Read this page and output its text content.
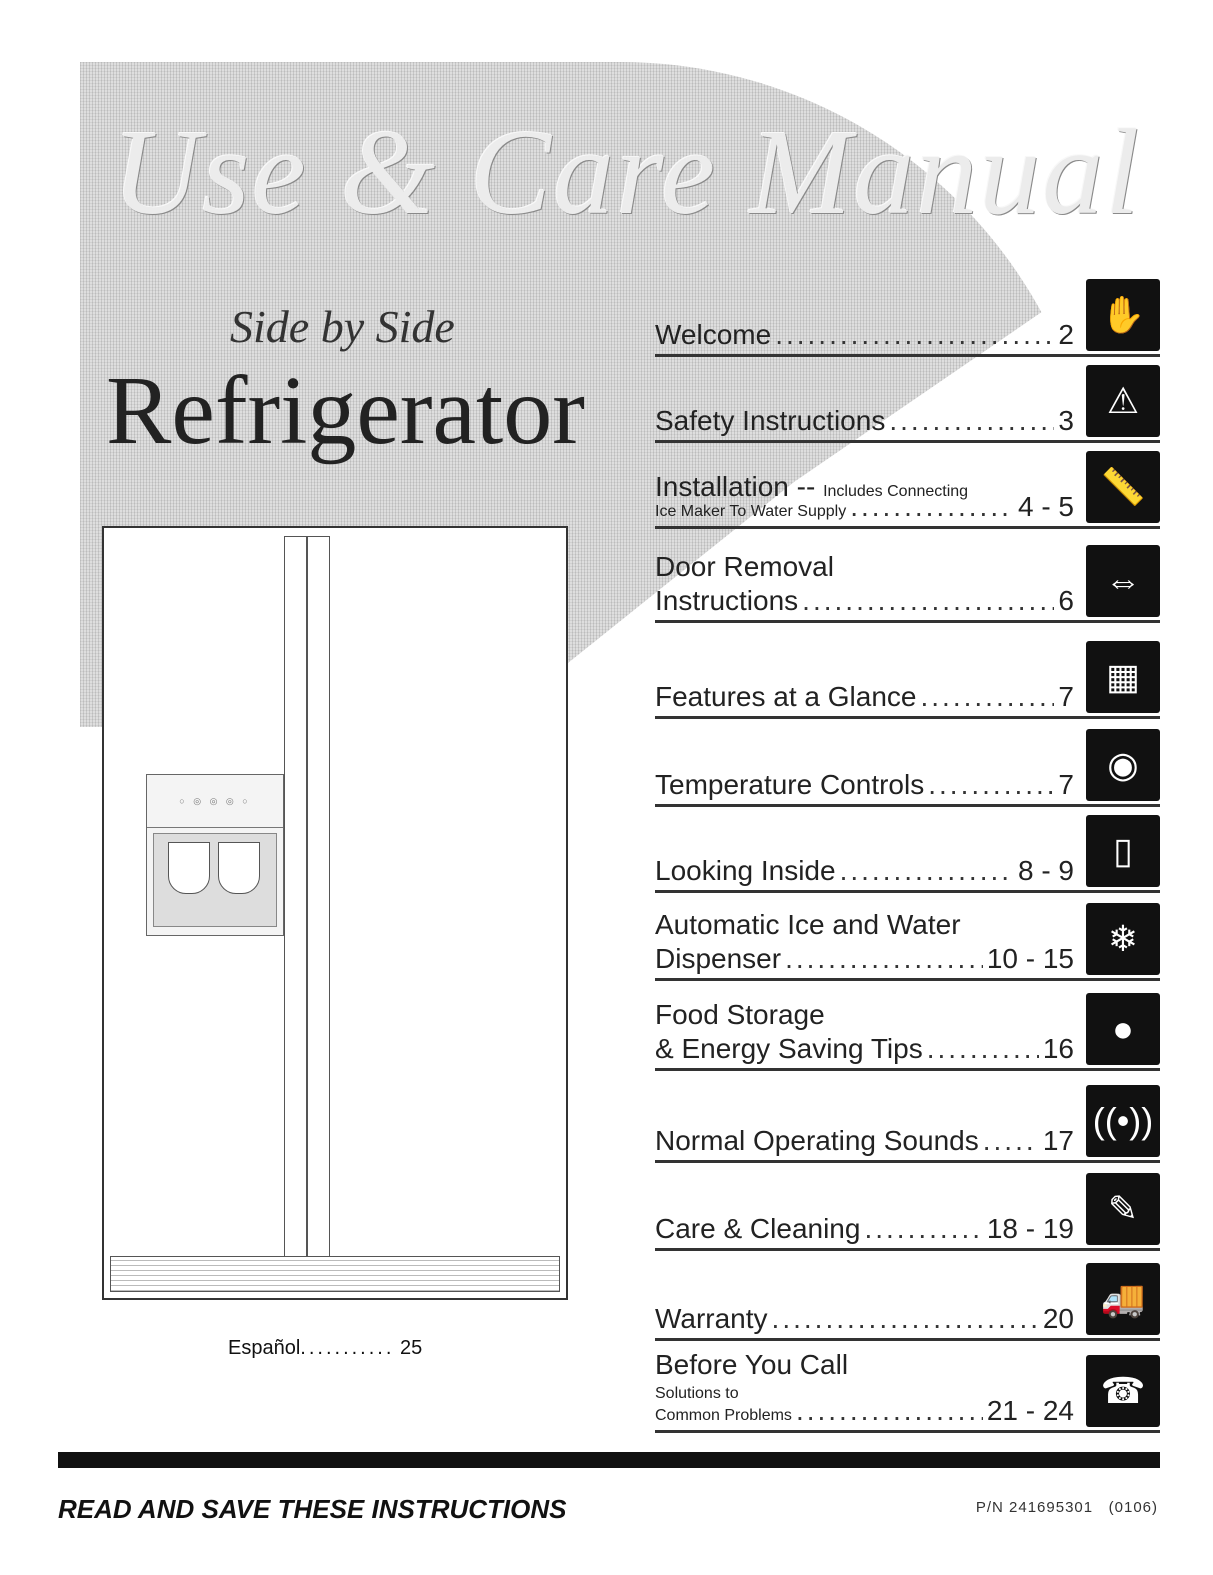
Use & Care Manual
Side by Side
Refrigerator
○ ◎ ◎ ◎ ○
Español........... 25
Welcome .....	2 ✋
Safety Instructions .....	3 ⚠
Installation --
Includes Connecting
Ice Maker To Water Supply .....	4 - 5 📏
Door Removal
Instructions .....	6 ⇔
Features at a Glance .....	7 ▦
Temperature Controls .....	7 ◉
Looking Inside .....	8 - 9	▯
Automatic Ice and Water
Dispenser .....	10 - 15 ❄
Food Storage
& Energy Saving Tips .....	16	●
Normal Operating Sounds ..... 17 ((•))
Care & Cleaning .....	18 - 19 ✎
Warranty .....	20 🚚
Before You Call
Solutions to
Common Problems .....	21 - 24 ☎
READ AND SAVE THESE INSTRUCTIONS	P/N 241695301 (0106)
